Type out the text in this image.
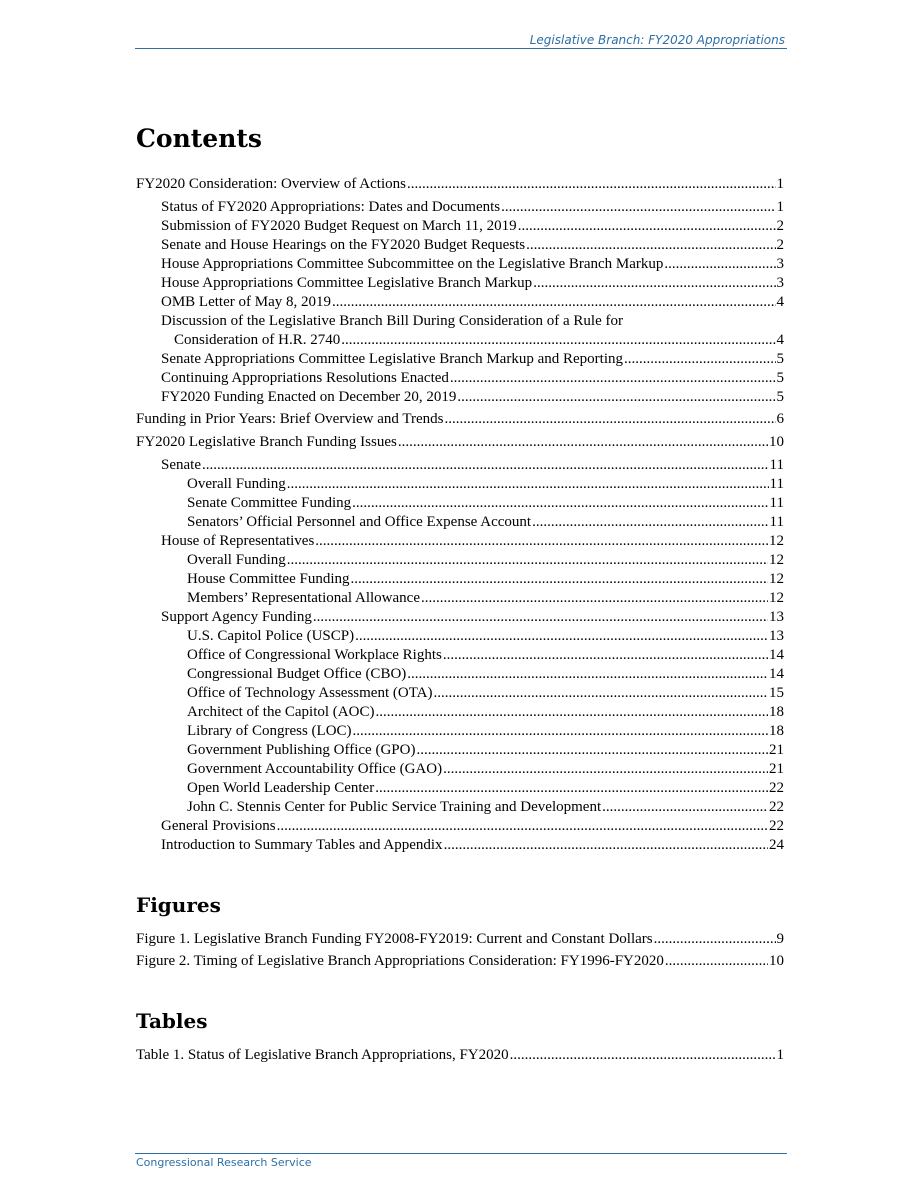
Legislative Branch: FY2020 Appropriations
Contents
FY2020 Consideration: Overview of Actions .....	1
Status of FY2020 Appropriations: Dates and Documents .....	1
Submission of FY2020 Budget Request on March 11, 2019 .....	2
Senate and House Hearings on the FY2020 Budget Requests .....	2
House Appropriations Committee Subcommittee on the Legislative Branch Markup .....	3
House Appropriations Committee Legislative Branch Markup .....	3
OMB Letter of May 8, 2019 .....	4
Discussion of the Legislative Branch Bill During Consideration of a Rule for
Consideration of H.R. 2740 .....	4
Senate Appropriations Committee Legislative Branch Markup and Reporting .....	5
Continuing Appropriations Resolutions Enacted .....	5
FY2020 Funding Enacted on December 20, 2019 .....	5
Funding in Prior Years: Brief Overview and Trends .....	6
FY2020 Legislative Branch Funding Issues .....	10
Senate .....	11
Overall Funding .....	11
Senate Committee Funding .....	11
Senators’ Official Personnel and Office Expense Account .....	11
House of Representatives .....	12
Overall Funding .....	12
House Committee Funding .....	12
Members’ Representational Allowance .....	12
Support Agency Funding .....	13
U.S. Capitol Police (USCP) .....	13
Office of Congressional Workplace Rights .....	14
Congressional Budget Office (CBO) .....	14
Office of Technology Assessment (OTA) .....	15
Architect of the Capitol (AOC) .....	18
Library of Congress (LOC) .....	18
Government Publishing Office (GPO) .....	21
Government Accountability Office (GAO) .....	21
Open World Leadership Center .....	22
John C. Stennis Center for Public Service Training and Development .....	22
General Provisions .....	22
Introduction to Summary Tables and Appendix .....	24
Figures
Figure 1. Legislative Branch Funding FY2008-FY2019: Current and Constant Dollars .....	9
Figure 2. Timing of Legislative Branch Appropriations Consideration: FY1996-FY2020 .....	10
Tables
Table 1. Status of Legislative Branch Appropriations, FY2020 .....	1
Congressional Research Service
